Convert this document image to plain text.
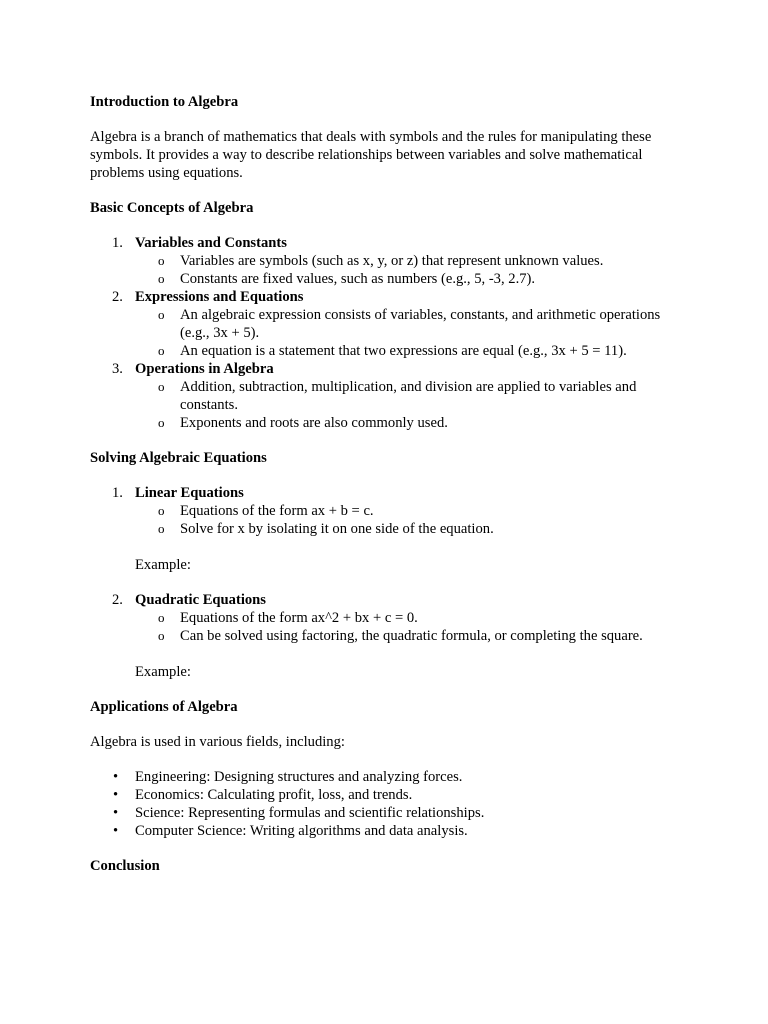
Introduction to Algebra

Algebra is a branch of mathematics that deals with symbols and the rules for manipulating these symbols. It provides a way to describe relationships between variables and solve mathematical problems using equations.

Basic Concepts of Algebra

1. Variables and Constants
o Variables are symbols (such as x, y, or z) that represent unknown values.
o Constants are fixed values, such as numbers (e.g., 5, -3, 2.7).
2. Expressions and Equations
o An algebraic expression consists of variables, constants, and arithmetic operations (e.g., 3x + 5).
o An equation is a statement that two expressions are equal (e.g., 3x + 5 = 11).
3. Operations in Algebra
o Addition, subtraction, multiplication, and division are applied to variables and constants.
o Exponents and roots are also commonly used.

Solving Algebraic Equations

1. Linear Equations
o Equations of the form ax + b = c.
o Solve for x by isolating it on one side of the equation.

Example:

2. Quadratic Equations
o Equations of the form ax^2 + bx + c = 0.
o Can be solved using factoring, the quadratic formula, or completing the square.

Example:

Applications of Algebra

Algebra is used in various fields, including:

• Engineering: Designing structures and analyzing forces.
• Economics: Calculating profit, loss, and trends.
• Science: Representing formulas and scientific relationships.
• Computer Science: Writing algorithms and data analysis.

Conclusion
